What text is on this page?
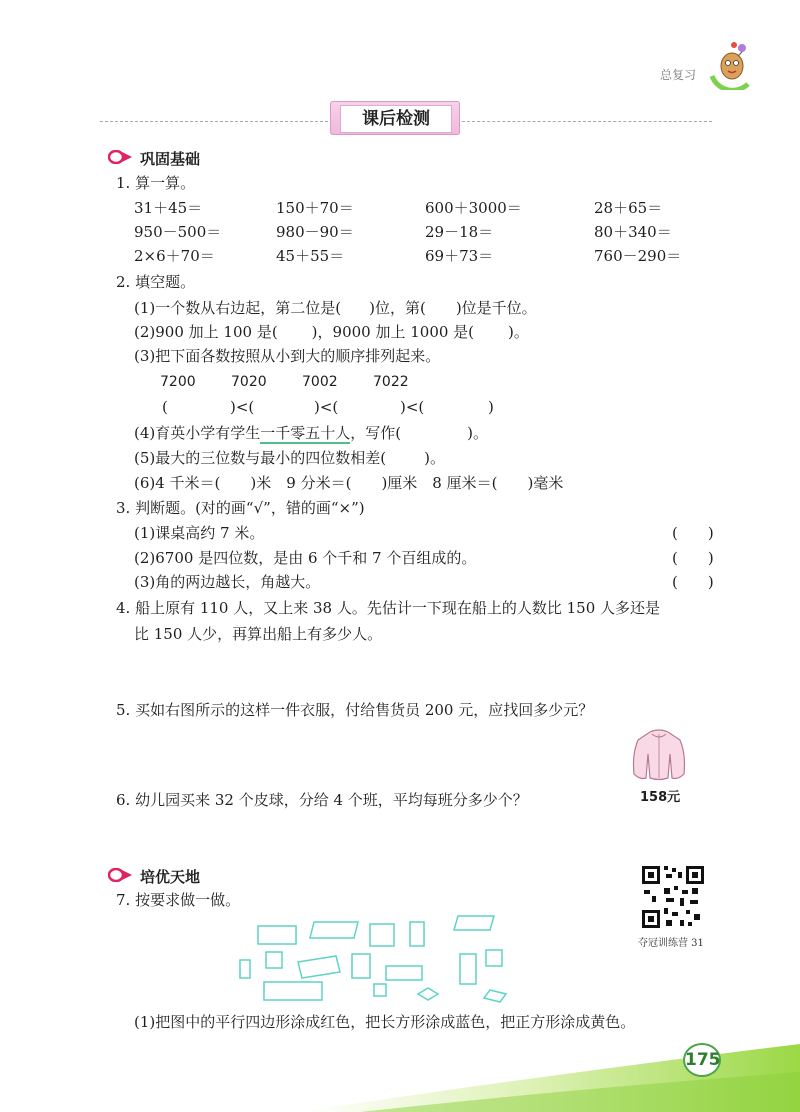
总复习
课后检测
巩固基础
1. 算一算。
31＋45＝	150＋70＝	600＋3000＝	28＋65＝
950－500＝	980－90＝	29－18＝	80＋340＝
2×6＋70＝	45＋55＝	69＋73＝	760－290＝
2. 填空题。
(1)一个数从右边起，第二位是( )位，第( )位是千位。
(2)900 加上 100 是( )，9000 加上 1000 是( )。
(3)把下面各数按照从小到大的顺序排列起来。
7200	7020	7002	7022
(	)<(	)<(	)<(	)
(4)育英小学有学生一千零五十人，写作(	)。
(5)最大的三位数与最小的四位数相差(	)。
(6)4 千米＝( )米　9 分米＝( )厘米　8 厘米＝( )毫米
3. 判断题。(对的画“√”，错的画“×”)
(1)课桌高约 7 米。	(　　)
(2)6700 是四位数，是由 6 个千和 7 个百组成的。	(　　)
(3)角的两边越长，角越大。	(　　)
4. 船上原有 110 人，又上来 38 人。先估计一下现在船上的人数比 150 人多还是
比 150 人少，再算出船上有多少人。
5. 买如右图所示的这样一件衣服，付给售货员 200 元，应找回多少元？
158元
6. 幼儿园买来 32 个皮球，分给 4 个班，平均每班分多少个？
培优天地
夺冠训练营 31
7. 按要求做一做。
(1)把图中的平行四边形涂成红色，把长方形涂成蓝色，把正方形涂成黄色。
175
